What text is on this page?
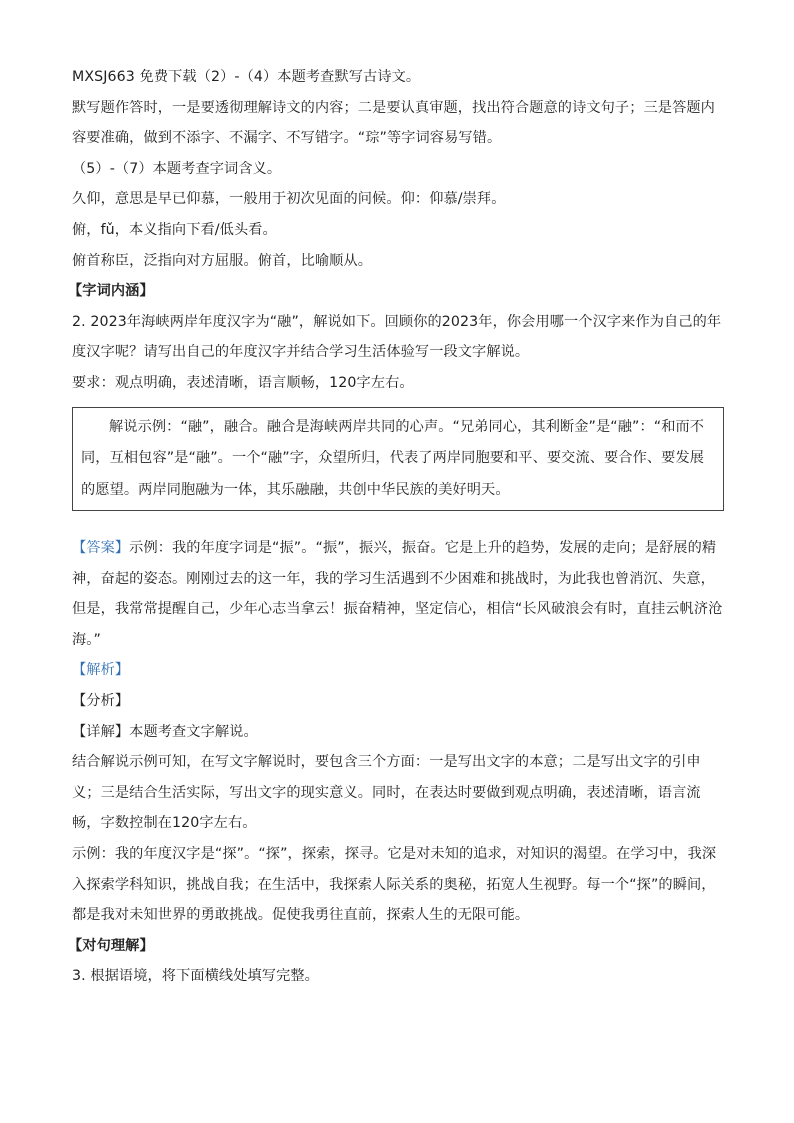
MXSJ663 免费下载（2）-（4）本题考查默写古诗文。
默写题作答时，一是要透彻理解诗文的内容；二是要认真审题，找出符合题意的诗文句子；三是答题内容要准确，做到不添字、不漏字、不写错字。“琮”等字词容易写错。
（5）-（7）本题考查字词含义。
久仰，意思是早已仰慕，一般用于初次见面的问候。仰：仰慕/崇拜。
俯，fǔ，本义指向下看/低头看。
俯首称臣，泛指向对方屈服。俯首，比喻顺从。
【字词内涵】
2. 2023年海峡两岸年度汉字为“融”，解说如下。回顾你的2023年，你会用哪一个汉字来作为自己的年度汉字呢？请写出自己的年度汉字并结合学习生活体验写一段文字解说。
要求：观点明确，表述清晰，语言顺畅，120字左右。
解说示例：“融”，融合。融合是海峡两岸共同的心声。“兄弟同心，其利断金”是“融”：“和而不同，互相包容”是“融”。一个“融”字，众望所归，代表了两岸同胞要和平、要交流、要合作、要发展的愿望。两岸同胞融为一体，其乐融融，共创中华民族的美好明天。
【答案】示例：我的年度字词是“振”。“振”，振兴，振奋。它是上升的趋势，发展的走向；是舒展的精神，奋起的姿态。刚刚过去的这一年，我的学习生活遇到不少困难和挑战时，为此我也曾消沉、失意，但是，我常常提醒自己，少年心志当拿云！振奋精神，坚定信心，相信“长风破浪会有时，直挂云帆济沧海。”
【解析】
【分析】
【详解】本题考查文字解说。
结合解说示例可知，在写文字解说时，要包含三个方面：一是写出文字的本意；二是写出文字的引申义；三是结合生活实际，写出文字的现实意义。同时，在表达时要做到观点明确，表述清晰，语言流畅，字数控制在120字左右。
示例：我的年度汉字是“探”。“探”，探索，探寻。它是对未知的追求，对知识的渴望。在学习中，我深入探索学科知识，挑战自我；在生活中，我探索人际关系的奥秘，拓宽人生视野。每一个“探”的瞬间，都是我对未知世界的勇敢挑战。促使我勇往直前，探索人生的无限可能。
【对句理解】
3. 根据语境，将下面横线处填写完整。
